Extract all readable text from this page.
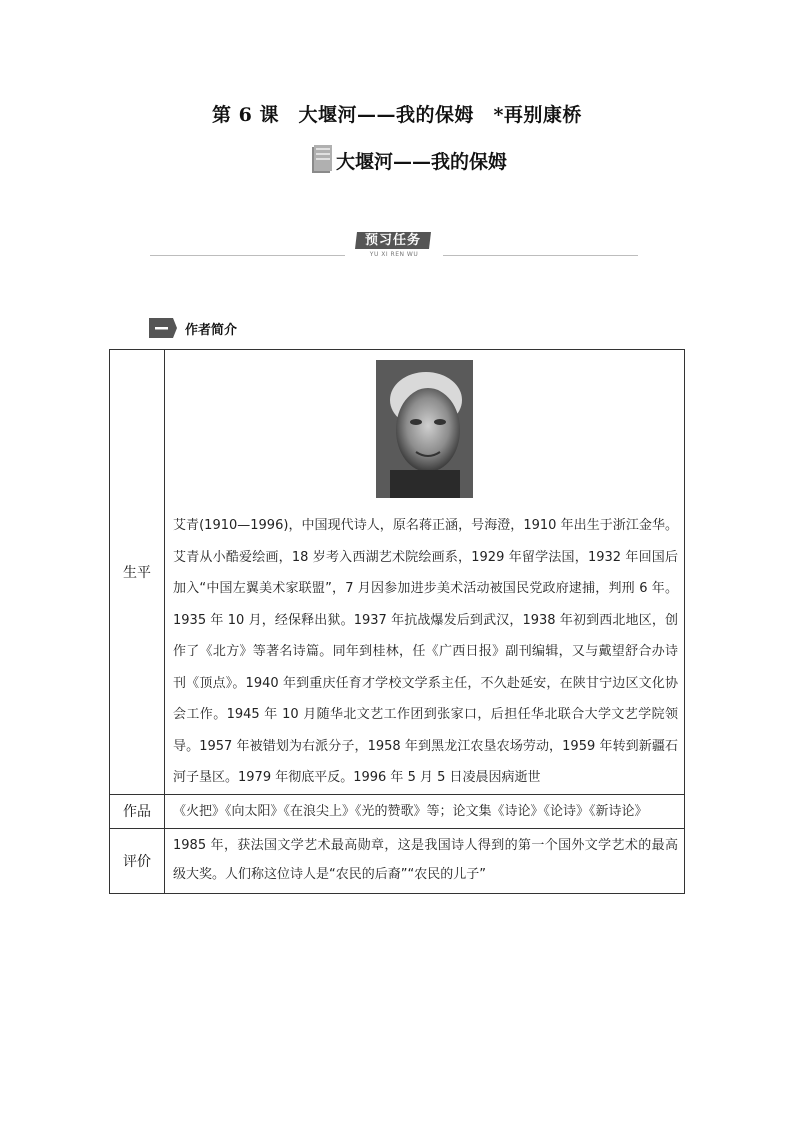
第 6 课　大堰河——我的保姆　*再别康桥
大堰河——我的保姆
预习任务
YU XI REN WU
作者简介
生平	艾青(1910—1996)，中国现代诗人，原名蒋正涵，号海澄，1910 年出生于浙江金华。艾青从小酷爱绘画，18 岁考入西湖艺术院绘画系，1929 年留学法国，1932 年回国后加入“中国左翼美术家联盟”，7 月因参加进步美术活动被国民党政府逮捕，判刑 6 年。1935 年 10 月，经保释出狱。1937 年抗战爆发后到武汉，1938 年初到西北地区，创作了《北方》等著名诗篇。同年到桂林，任《广西日报》副刊编辑，又与戴望舒合办诗刊《顶点》。1940 年到重庆任育才学校文学系主任，不久赴延安，在陕甘宁边区文化协会工作。1945 年 10 月随华北文艺工作团到张家口，后担任华北联合大学文艺学院领导。1957 年被错划为右派分子，1958 年到黑龙江农垦农场劳动，1959 年转到新疆石河子垦区。1979 年彻底平反。1996 年 5 月 5 日凌晨因病逝世

作品	《火把》《向太阳》《在浪尖上》《光的赞歌》等；论文集《诗论》《论诗》《新诗论》

评价	1985 年，获法国文学艺术最高勋章，这是我国诗人得到的第一个国外文学艺术的最高级大奖。人们称这位诗人是“农民的后裔”“农民的儿子”
